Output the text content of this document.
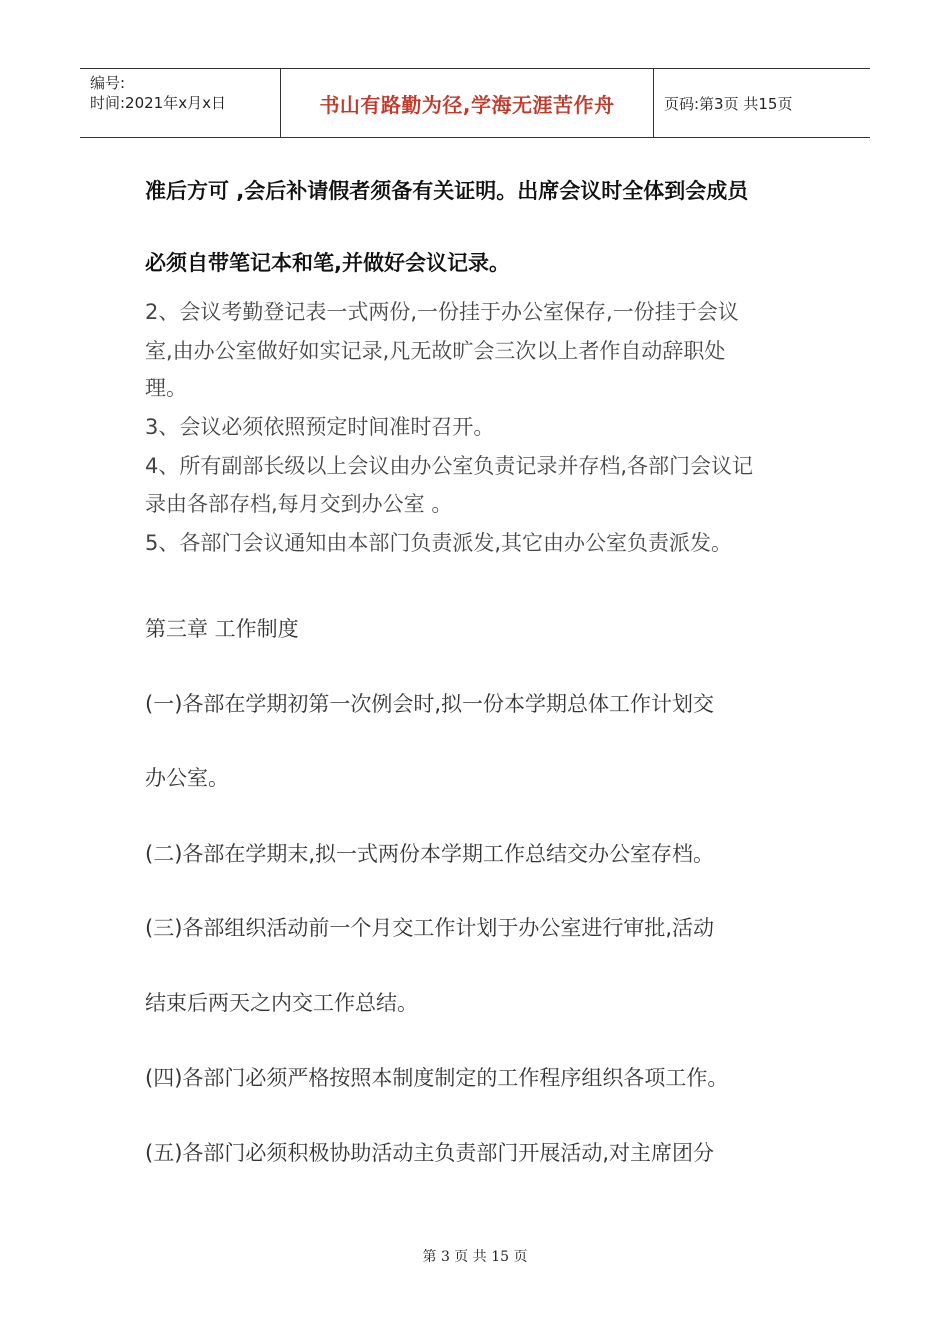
编号:
时间:2021年x月x日	书山有路勤为径,学海无涯苦作舟	页码:第3页 共15页
准后方可 ,会后补请假者须备有关证明。出席会议时全体到会成员
必须自带笔记本和笔,并做好会议记录。
2、会议考勤登记表一式两份,一份挂于办公室保存,一份挂于会议
室,由办公室做好如实记录,凡无故旷会三次以上者作自动辞职处
理。
3、会议必须依照预定时间准时召开。
4、所有副部长级以上会议由办公室负责记录并存档,各部门会议记
录由各部存档,每月交到办公室 。
5、各部门会议通知由本部门负责派发,其它由办公室负责派发。
第三章 工作制度
(一)各部在学期初第一次例会时,拟一份本学期总体工作计划交
办公室。
(二)各部在学期末,拟一式两份本学期工作总结交办公室存档。
(三)各部组织活动前一个月交工作计划于办公室进行审批,活动
结束后两天之内交工作总结。
(四)各部门必须严格按照本制度制定的工作程序组织各项工作。
(五)各部门必须积极协助活动主负责部门开展活动,对主席团分
第 3 页 共 15 页
